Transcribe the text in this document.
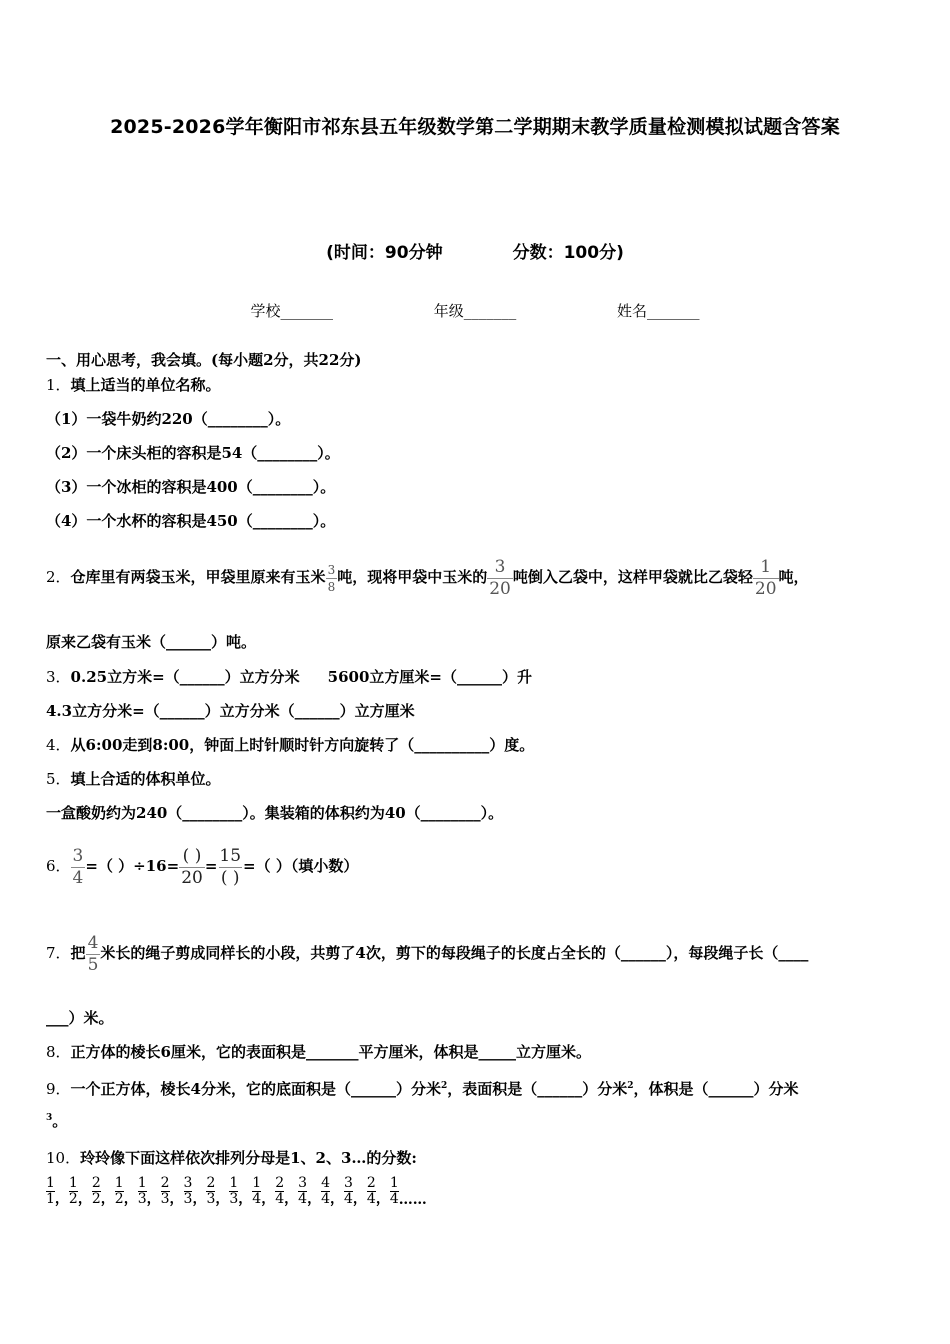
2025-2026学年衡阳市祁东县五年级数学第二学期期末教学质量检测模拟试题含答案
(时间：90分钟	分数：100分)
学校_______	年级_______	姓名_______
一、用心思考，我会填。(每小题2分，共22分)
1．填上适当的单位名称。
（1）一袋牛奶约220（________）。
（2）一个床头柜的容积是54（________）。
（3）一个冰柜的容积是400（________）。
（4）一个水杯的容积是450（________）。
2．仓库里有两袋玉米，甲袋里原来有玉米 $\frac{3}{8}$ 吨，现将甲袋中玉米的 $\frac{3}{20}$ 吨倒入乙袋中，这样甲袋就比乙袋轻 $\frac{1}{20}$ 吨，
原来乙袋有玉米（______）吨。
3．0.25立方米=（______）立方分米 5600立方厘米=（______）升
4.3立方分米=（______）立方分米（______）立方厘米
4．从6:00走到8:00，钟面上时针顺时针方向旋转了（__________）度。
5．填上合适的体积单位。
一盒酸奶约为240（________）。集装箱的体积约为40（________）。
6． $\frac{3}{4}$ =（ ）$\div 16= \frac{( )}{20} = \frac{15}{( )}$ =（ ）（填小数）
7．把 $\frac{4}{5}$ 米长的绳子剪成同样长的小段，共剪了4次，剪下的每段绳子的长度占全长的（______），每段绳子长（____
___）米。
8．正方体的棱长6厘米，它的表面积是_______平方厘米，体积是_____立方厘米。
9．一个正方体，棱长4分米，它的底面积是（______）分米$^2$，表面积是（______）分米$^2$，体积是（______）分米
$^3$。
10．玲玲像下面这样依次排列分母是1、2、3…的分数:
$\frac{1}{1}$ ， $\frac{1}{2}$ ， $\frac{2}{2}$ ， $\frac{1}{2}$ ， $\frac{1}{3}$ ， $\frac{2}{3}$ ， $\frac{3}{3}$ ， $\frac{2}{3}$ ， $\frac{1}{3}$ ， $\frac{1}{4}$ ， $\frac{2}{4}$ ， $\frac{3}{4}$ ， $\frac{4}{4}$ ， $\frac{3}{4}$ ， $\frac{2}{4}$ ， $\frac{1}{4}$ ……
